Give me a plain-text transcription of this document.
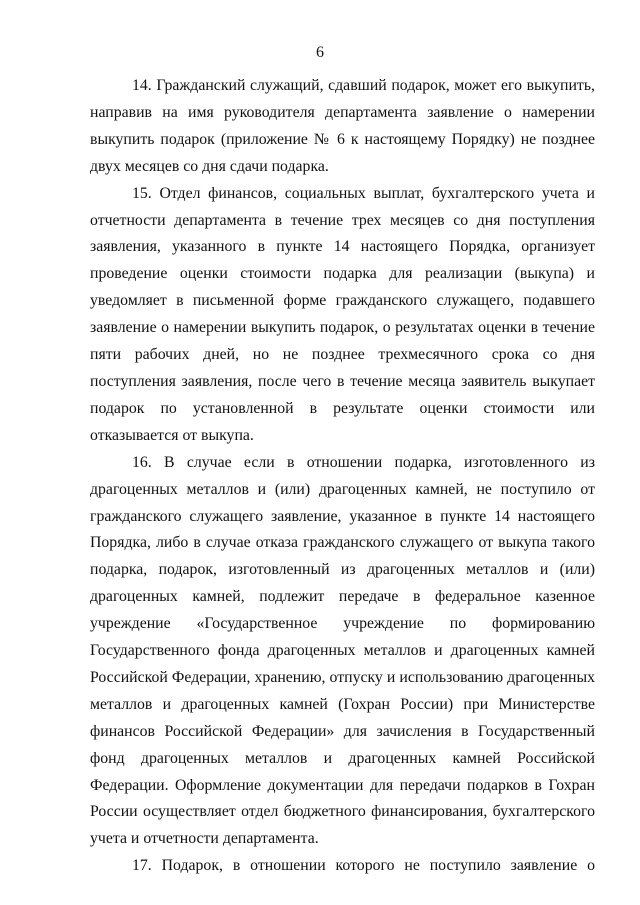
6

14. Гражданский служащий, сдавший подарок, может его выкупить, направив на имя руководителя департамента заявление о намерении выкупить подарок (приложение № 6 к настоящему Порядку) не позднее двух месяцев со дня сдачи подарка.

15. Отдел финансов, социальных выплат, бухгалтерского учета и отчетности департамента в течение трех месяцев со дня поступления заявления, указанного в пункте 14 настоящего Порядка, организует проведение оценки стоимости подарка для реализации (выкупа) и уведомляет в письменной форме гражданского служащего, подавшего заявление о намерении выкупить подарок, о результатах оценки в течение пяти рабочих дней, но не позднее трехмесячного срока со дня поступления заявления, после чего в течение месяца заявитель выкупает подарок по установленной в результате оценки стоимости или отказывается от выкупа.

16. В случае если в отношении подарка, изготовленного из драгоценных металлов и (или) драгоценных камней, не поступило от гражданского служащего заявление, указанное в пункте 14 настоящего Порядка, либо в случае отказа гражданского служащего от выкупа такого подарка, подарок, изготовленный из драгоценных металлов и (или) драгоценных камней, подлежит передаче в федеральное казенное учреждение «Государственное учреждение по формированию Государственного фонда драгоценных металлов и драгоценных камней Российской Федерации, хранению, отпуску и использованию драгоценных металлов и драгоценных камней (Гохран России) при Министерстве финансов Российской Федерации» для зачисления в Государственный фонд драгоценных металлов и драгоценных камней Российской Федерации. Оформление документации для передачи подарков в Гохран России осуществляет отдел бюджетного финансирования, бухгалтерского учета и отчетности департамента.

17. Подарок, в отношении которого не поступило заявление о
